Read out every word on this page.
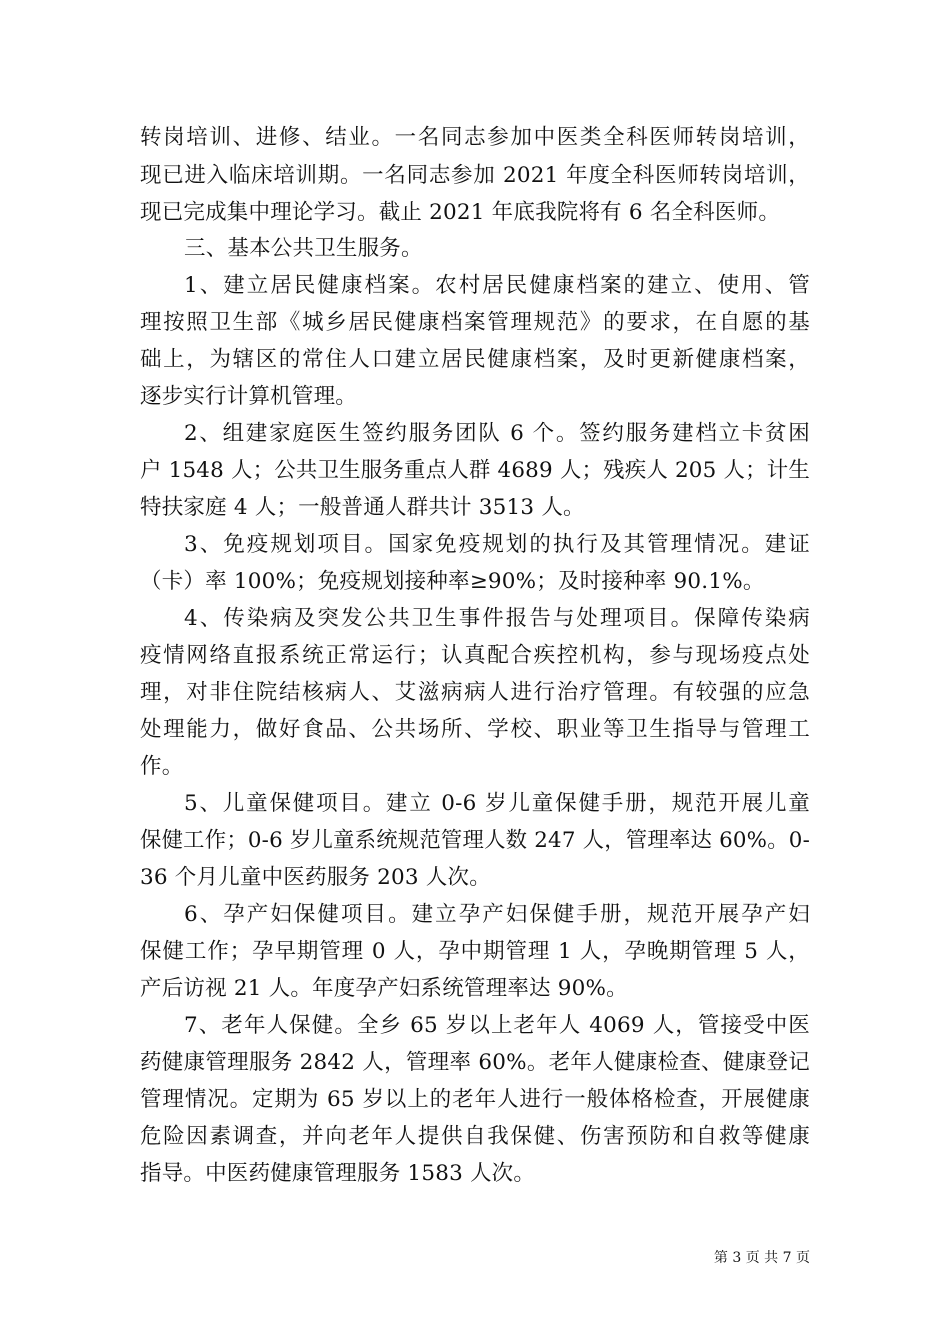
转岗培训、进修、结业。一名同志参加中医类全科医师转岗培训，

现已进入临床培训期。一名同志参加 2021 年度全科医师转岗培训，

现已完成集中理论学习。截止 2021 年底我院将有 6 名全科医师。

三、基本公共卫生服务。

1、建立居民健康档案。农村居民健康档案的建立、使用、管

理按照卫生部《城乡居民健康档案管理规范》的要求，在自愿的基

础上，为辖区的常住人口建立居民健康档案，及时更新健康档案，

逐步实行计算机管理。

2、组建家庭医生签约服务团队 6 个。签约服务建档立卡贫困

户 1548 人；公共卫生服务重点人群 4689 人；残疾人 205 人；计生

特扶家庭 4 人；一般普通人群共计 3513 人。

3、免疫规划项目。国家免疫规划的执行及其管理情况。建证

（卡）率 100%；免疫规划接种率≥90%；及时接种率 90.1%。

4、传染病及突发公共卫生事件报告与处理项目。保障传染病

疫情网络直报系统正常运行；认真配合疾控机构，参与现场疫点处

理，对非住院结核病人、艾滋病病人进行治疗管理。有较强的应急

处理能力，做好食品、公共场所、学校、职业等卫生指导与管理工

作。

5、儿童保健项目。建立 0-6 岁儿童保健手册，规范开展儿童

保健工作；0-6 岁儿童系统规范管理人数 247 人，管理率达 60%。0-

36 个月儿童中医药服务 203 人次。

6、孕产妇保健项目。建立孕产妇保健手册，规范开展孕产妇

保健工作；孕早期管理 0 人，孕中期管理 1 人，孕晚期管理 5 人，

产后访视 21 人。年度孕产妇系统管理率达 90%。

7、老年人保健。全乡 65 岁以上老年人 4069 人，管接受中医

药健康管理服务 2842 人，管理率 60%。老年人健康检查、健康登记

管理情况。定期为 65 岁以上的老年人进行一般体格检查，开展健康

危险因素调查，并向老年人提供自我保健、伤害预防和自救等健康

指导。中医药健康管理服务 1583 人次。

第 3 页 共 7 页
